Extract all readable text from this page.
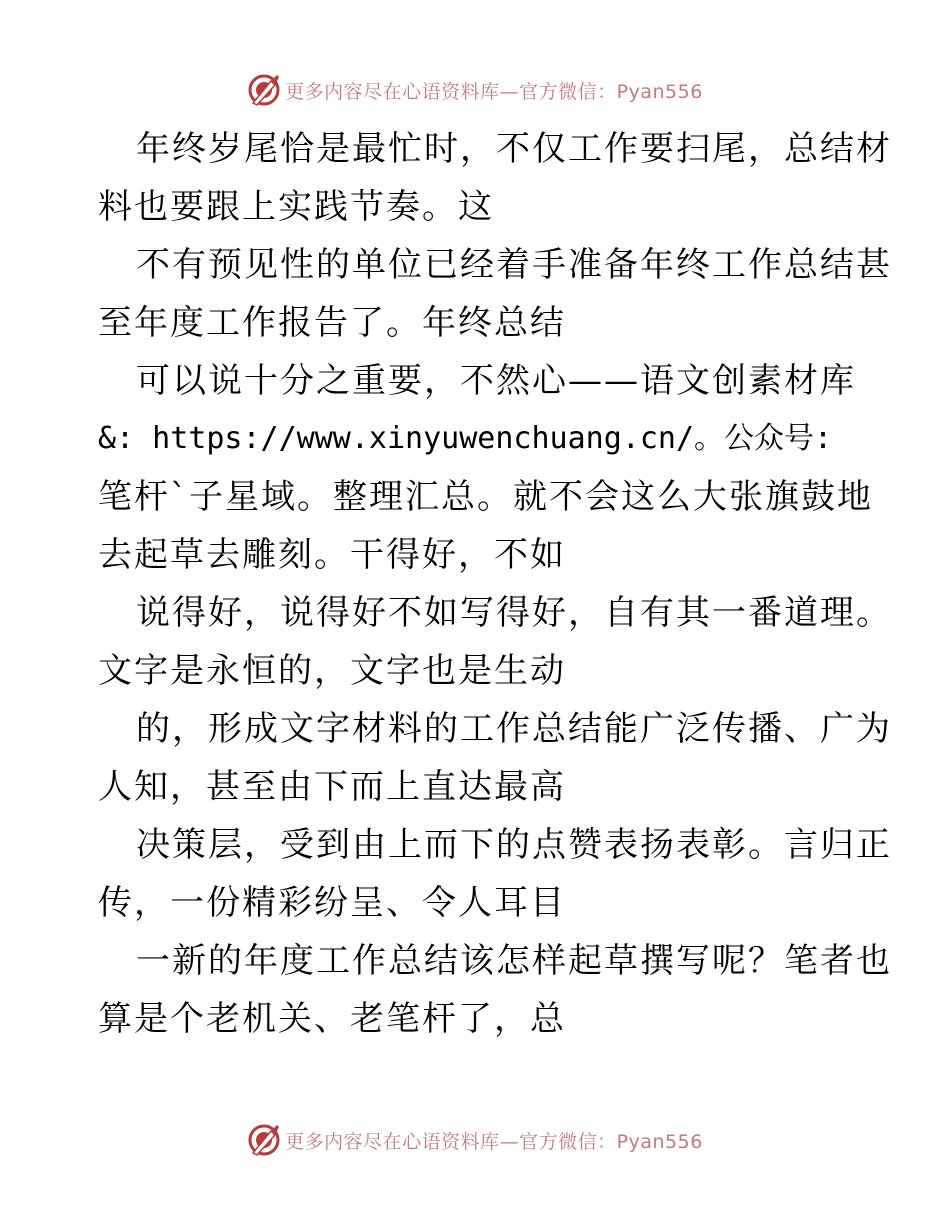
更多内容尽在心语资料库—官方微信：Pyan556

年终岁尾恰是最忙时，不仅工作要扫尾，总结材
料也要跟上实践节奏。这

不有预见性的单位已经着手准备年终工作总结甚
至年度工作报告了。年终总结

可以说十分之重要，不然心——语文创素材库
&: https://www.xinyuwenchuang.cn/。公众号:
笔杆ˋ子星域。整理汇总。就不会这么大张旗鼓地
去起草去雕刻。干得好，不如

说得好，说得好不如写得好，自有其一番道理。
文字是永恒的，文字也是生动

的，形成文字材料的工作总结能广泛传播、广为
人知，甚至由下而上直达最高

决策层，受到由上而下的点赞表扬表彰。言归正
传，一份精彩纷呈、令人耳目

一新的年度工作总结该怎样起草撰写呢？笔者也
算是个老机关、老笔杆了，总

更多内容尽在心语资料库—官方微信：Pyan556
